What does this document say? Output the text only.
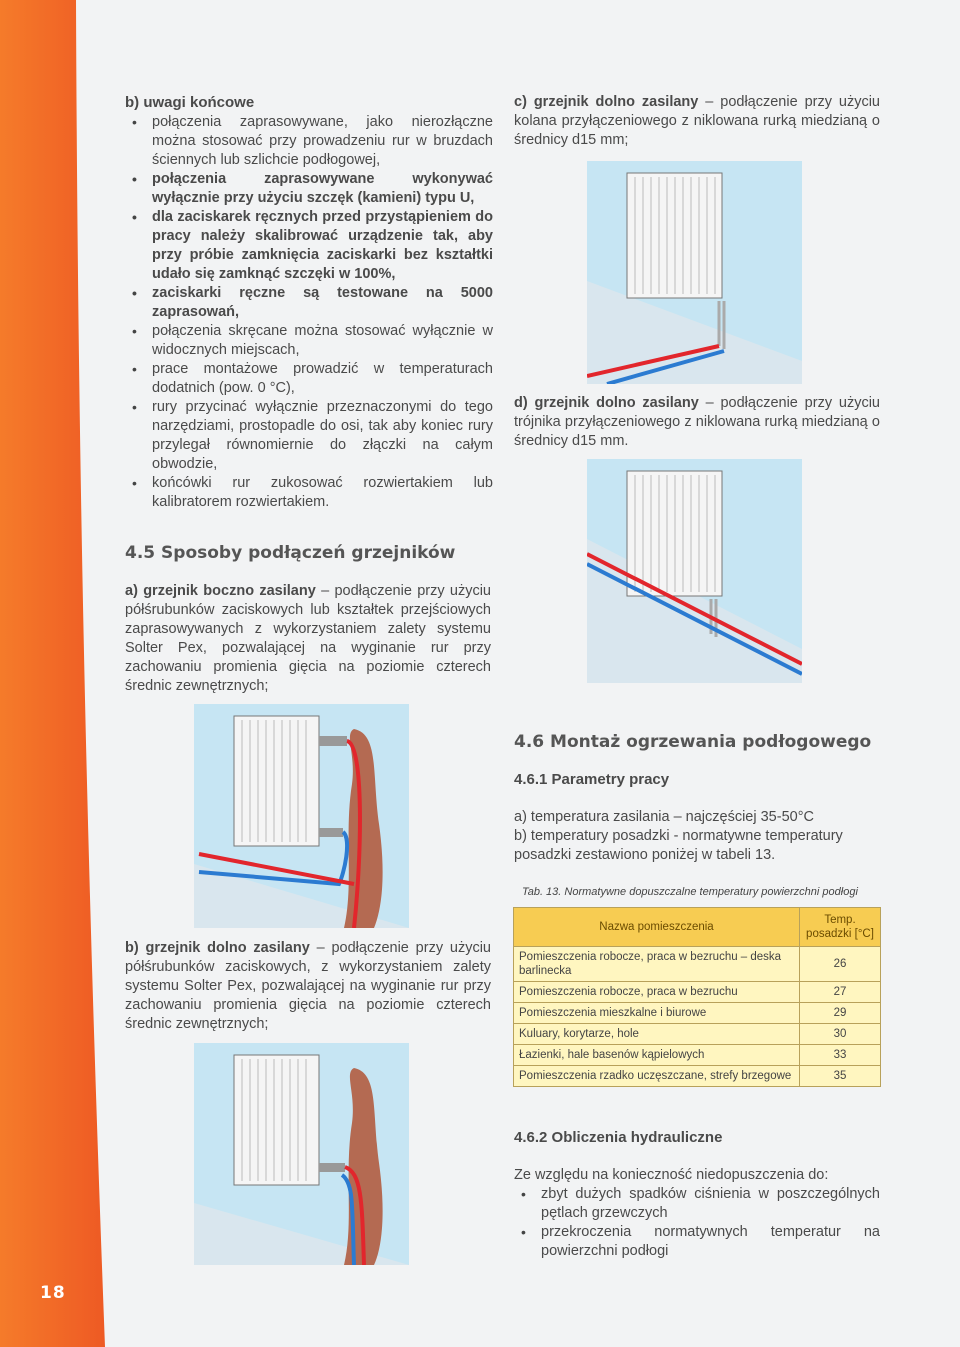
18
b) uwagi końcowe
• połączenia zaprasowywane, jako nierozłączne można stosować przy prowadzeniu rur w bruzdach ściennych lub szlichcie podłogowej,
• połączenia zaprasowywane wykonywać wyłącznie przy użyciu szczęk (kamieni) typu U,
• dla zaciskarek ręcznych przed przystąpieniem do pracy należy skalibrować urządzenie tak, aby przy próbie zamknięcia zaciskarki bez kształtki udało się zamknąć szczęki w 100%,
• zaciskarki ręczne są testowane na 5000 zaprasowań,
• połączenia skręcane można stosować wyłącznie w widocznych miejscach,
• prace montażowe prowadzić w temperaturach dodatnich (pow. 0 °C),
• rury przycinać wyłącznie przeznaczonymi do tego narzędziami, prostopadle do osi, tak aby koniec rury przylegał równomiernie do złączki na całym obwodzie,
• końcówki rur zukosować rozwiertakiem lub kalibratorem rozwiertakiem.
4.5 Sposoby podłączeń grzejników
a) grzejnik boczno zasilany – podłączenie przy użyciu półśrubunków zaciskowych lub kształtek przejściowych zaprasowywanych z wykorzystaniem zalety systemu Solter Pex, pozwalającej na wyginanie rur przy zachowaniu promienia gięcia na poziomie czterech średnic zewnętrznych;
b) grzejnik dolno zasilany – podłączenie przy użyciu półśrubunków zaciskowych, z wykorzystaniem zalety systemu Solter Pex, pozwalającej na wyginanie rur przy zachowaniu promienia gięcia na poziomie czterech średnic zewnętrznych;
c) grzejnik dolno zasilany – podłączenie przy użyciu kolana przyłączeniowego z niklowana rurką miedzianą o średnicy d15 mm;
d) grzejnik dolno zasilany – podłączenie przy użyciu trójnika przyłączeniowego z niklowana rurką miedzianą o średnicy d15 mm.
4.6 Montaż ogrzewania podłogowego
4.6.1 Parametry pracy
a) temperatura zasilania – najczęściej 35-50°C
b) temperatury posadzki - normatywne temperatury posadzki zestawiono poniżej w tabeli 13.
Tab. 13. Normatywne dopuszczalne temperatury powierzchni podłogi
Nazwa pomieszczenia	Temp. posadzki [°C]
Pomieszczenia robocze, praca w bezruchu – deska barlinecka	26
Pomieszczenia robocze, praca w bezruchu	27
Pomieszczenia mieszkalne i biurowe	29
Kuluary, korytarze, hole	30
Łazienki, hale basenów kąpielowych	33
Pomieszczenia rzadko uczęszczane, strefy brzegowe	35
4.6.2 Obliczenia hydrauliczne
Ze względu na konieczność niedopuszczenia do:
• zbyt dużych spadków ciśnienia w poszczególnych pętlach grzewczych
• przekroczenia normatywnych temperatur na powierzchni podłogi
